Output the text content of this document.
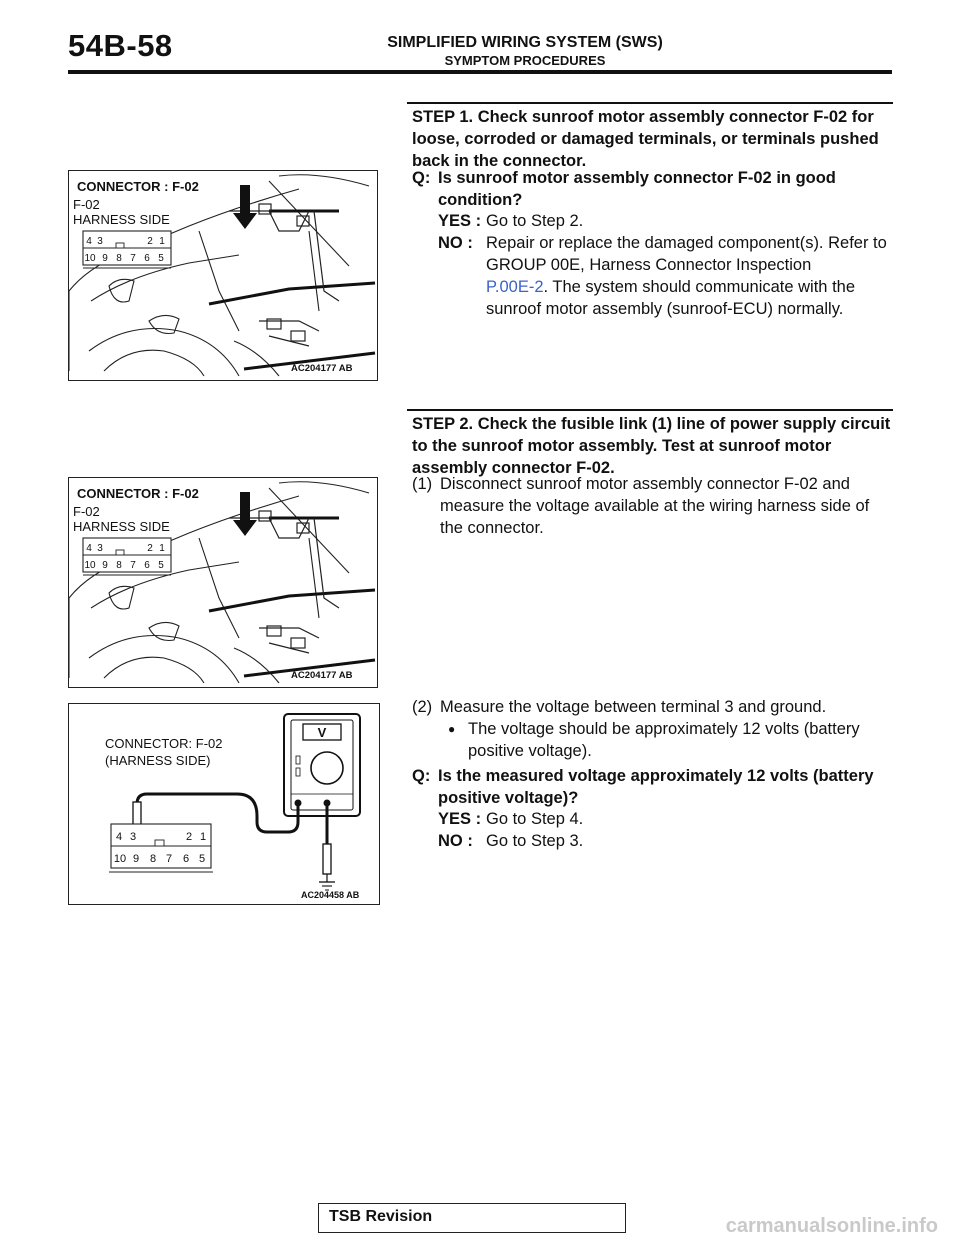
54B-58	SIMPLIFIED WIRING SYSTEM (SWS)
SYMPTOM PROCEDURES
STEP 1. Check sunroof motor assembly connector F-02 for loose, corroded or damaged terminals, or terminals pushed back in the connector.
Q: Is sunroof motor assembly connector F-02 in good condition?
YES : Go to Step 2.
NO : Repair or replace the damaged component(s). Refer to GROUP 00E, Harness Connector Inspection
P.00E-2. The system should communicate with the sunroof motor assembly (sunroof-ECU) normally.
CONNECTOR : F-02
F-02
HARNESS SIDE
4 3	2 1
10 9 8 7 6 5
AC204177 AB
STEP 2. Check the fusible link (1) line of power supply circuit to the sunroof motor assembly. Test at sunroof motor assembly connector F-02.
(1) Disconnect sunroof motor assembly connector F-02 and measure the voltage available at the wiring harness side of the connector.
CONNECTOR : F-02
F-02
HARNESS SIDE
4 3	2 1
10 9 8 7 6 5
AC204177 AB
(2) Measure the voltage between terminal 3 and ground.
● The voltage should be approximately 12 volts (battery positive voltage).
Q: Is the measured voltage approximately 12 volts (battery positive voltage)?
YES : Go to Step 4.
NO : Go to Step 3.
CONNECTOR: F-02
(HARNESS SIDE)
V
4 3	2 1
10 9 8 7 6 5
AC204458 AB
TSB Revision	carmanualsonline.info
